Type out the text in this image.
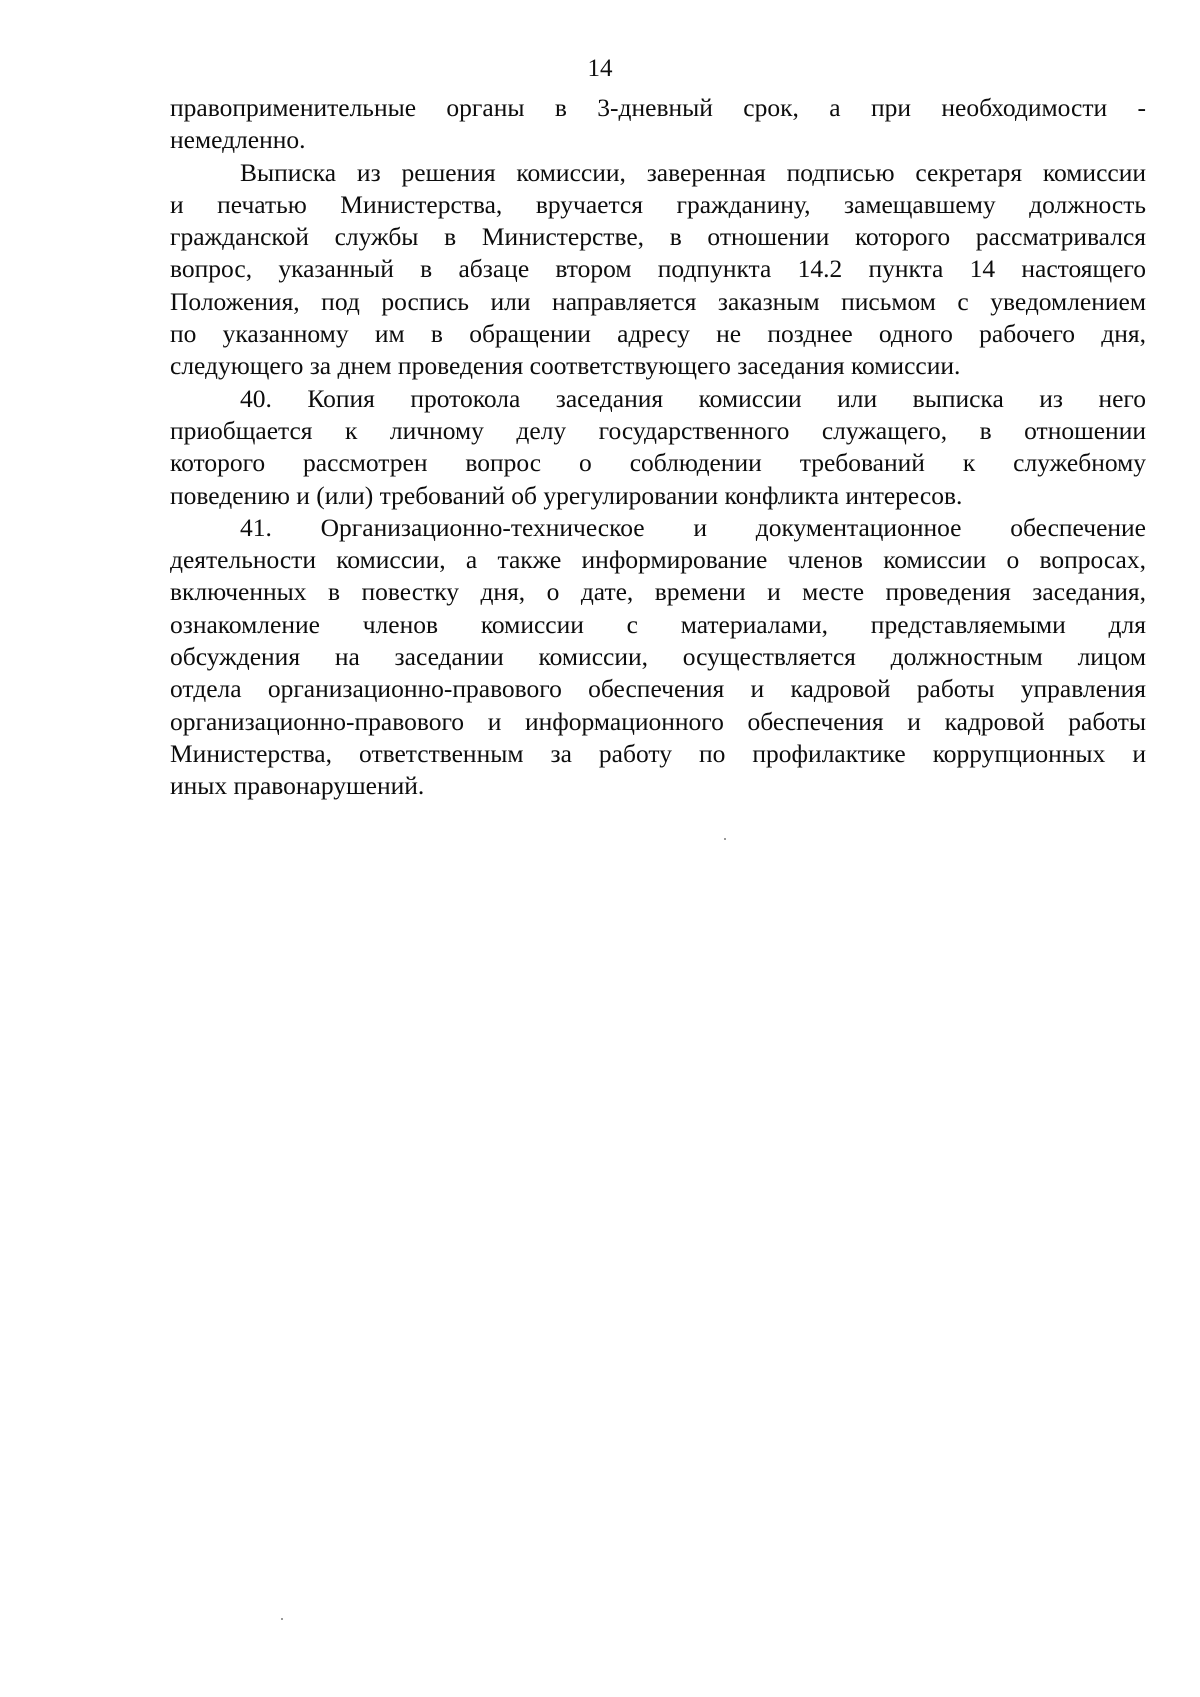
14
правоприменительные органы в 3-дневный срок, а при необходимости -
немедленно.
Выписка из решения комиссии, заверенная подписью секретаря комиссии
и печатью Министерства, вручается гражданину, замещавшему должность
гражданской службы в Министерстве, в отношении которого рассматривался
вопрос, указанный в абзаце втором подпункта 14.2 пункта 14 настоящего
Положения, под роспись или направляется заказным письмом с уведомлением
по указанному им в обращении адресу не позднее одного рабочего дня,
следующего за днем проведения соответствующего заседания комиссии.
40. Копия протокола заседания комиссии или выписка из него
приобщается к личному делу государственного служащего, в отношении
которого рассмотрен вопрос о соблюдении требований к служебному
поведению и (или) требований об урегулировании конфликта интересов.
41. Организационно-техническое и документационное обеспечение
деятельности комиссии, а также информирование членов комиссии о вопросах,
включенных в повестку дня, о дате, времени и месте проведения заседания,
ознакомление членов комиссии с материалами, представляемыми для
обсуждения на заседании комиссии, осуществляется должностным лицом
отдела организационно-правового обеспечения и кадровой работы управления
организационно-правового и информационного обеспечения и кадровой работы
Министерства, ответственным за работу по профилактике коррупционных и
иных правонарушений.
